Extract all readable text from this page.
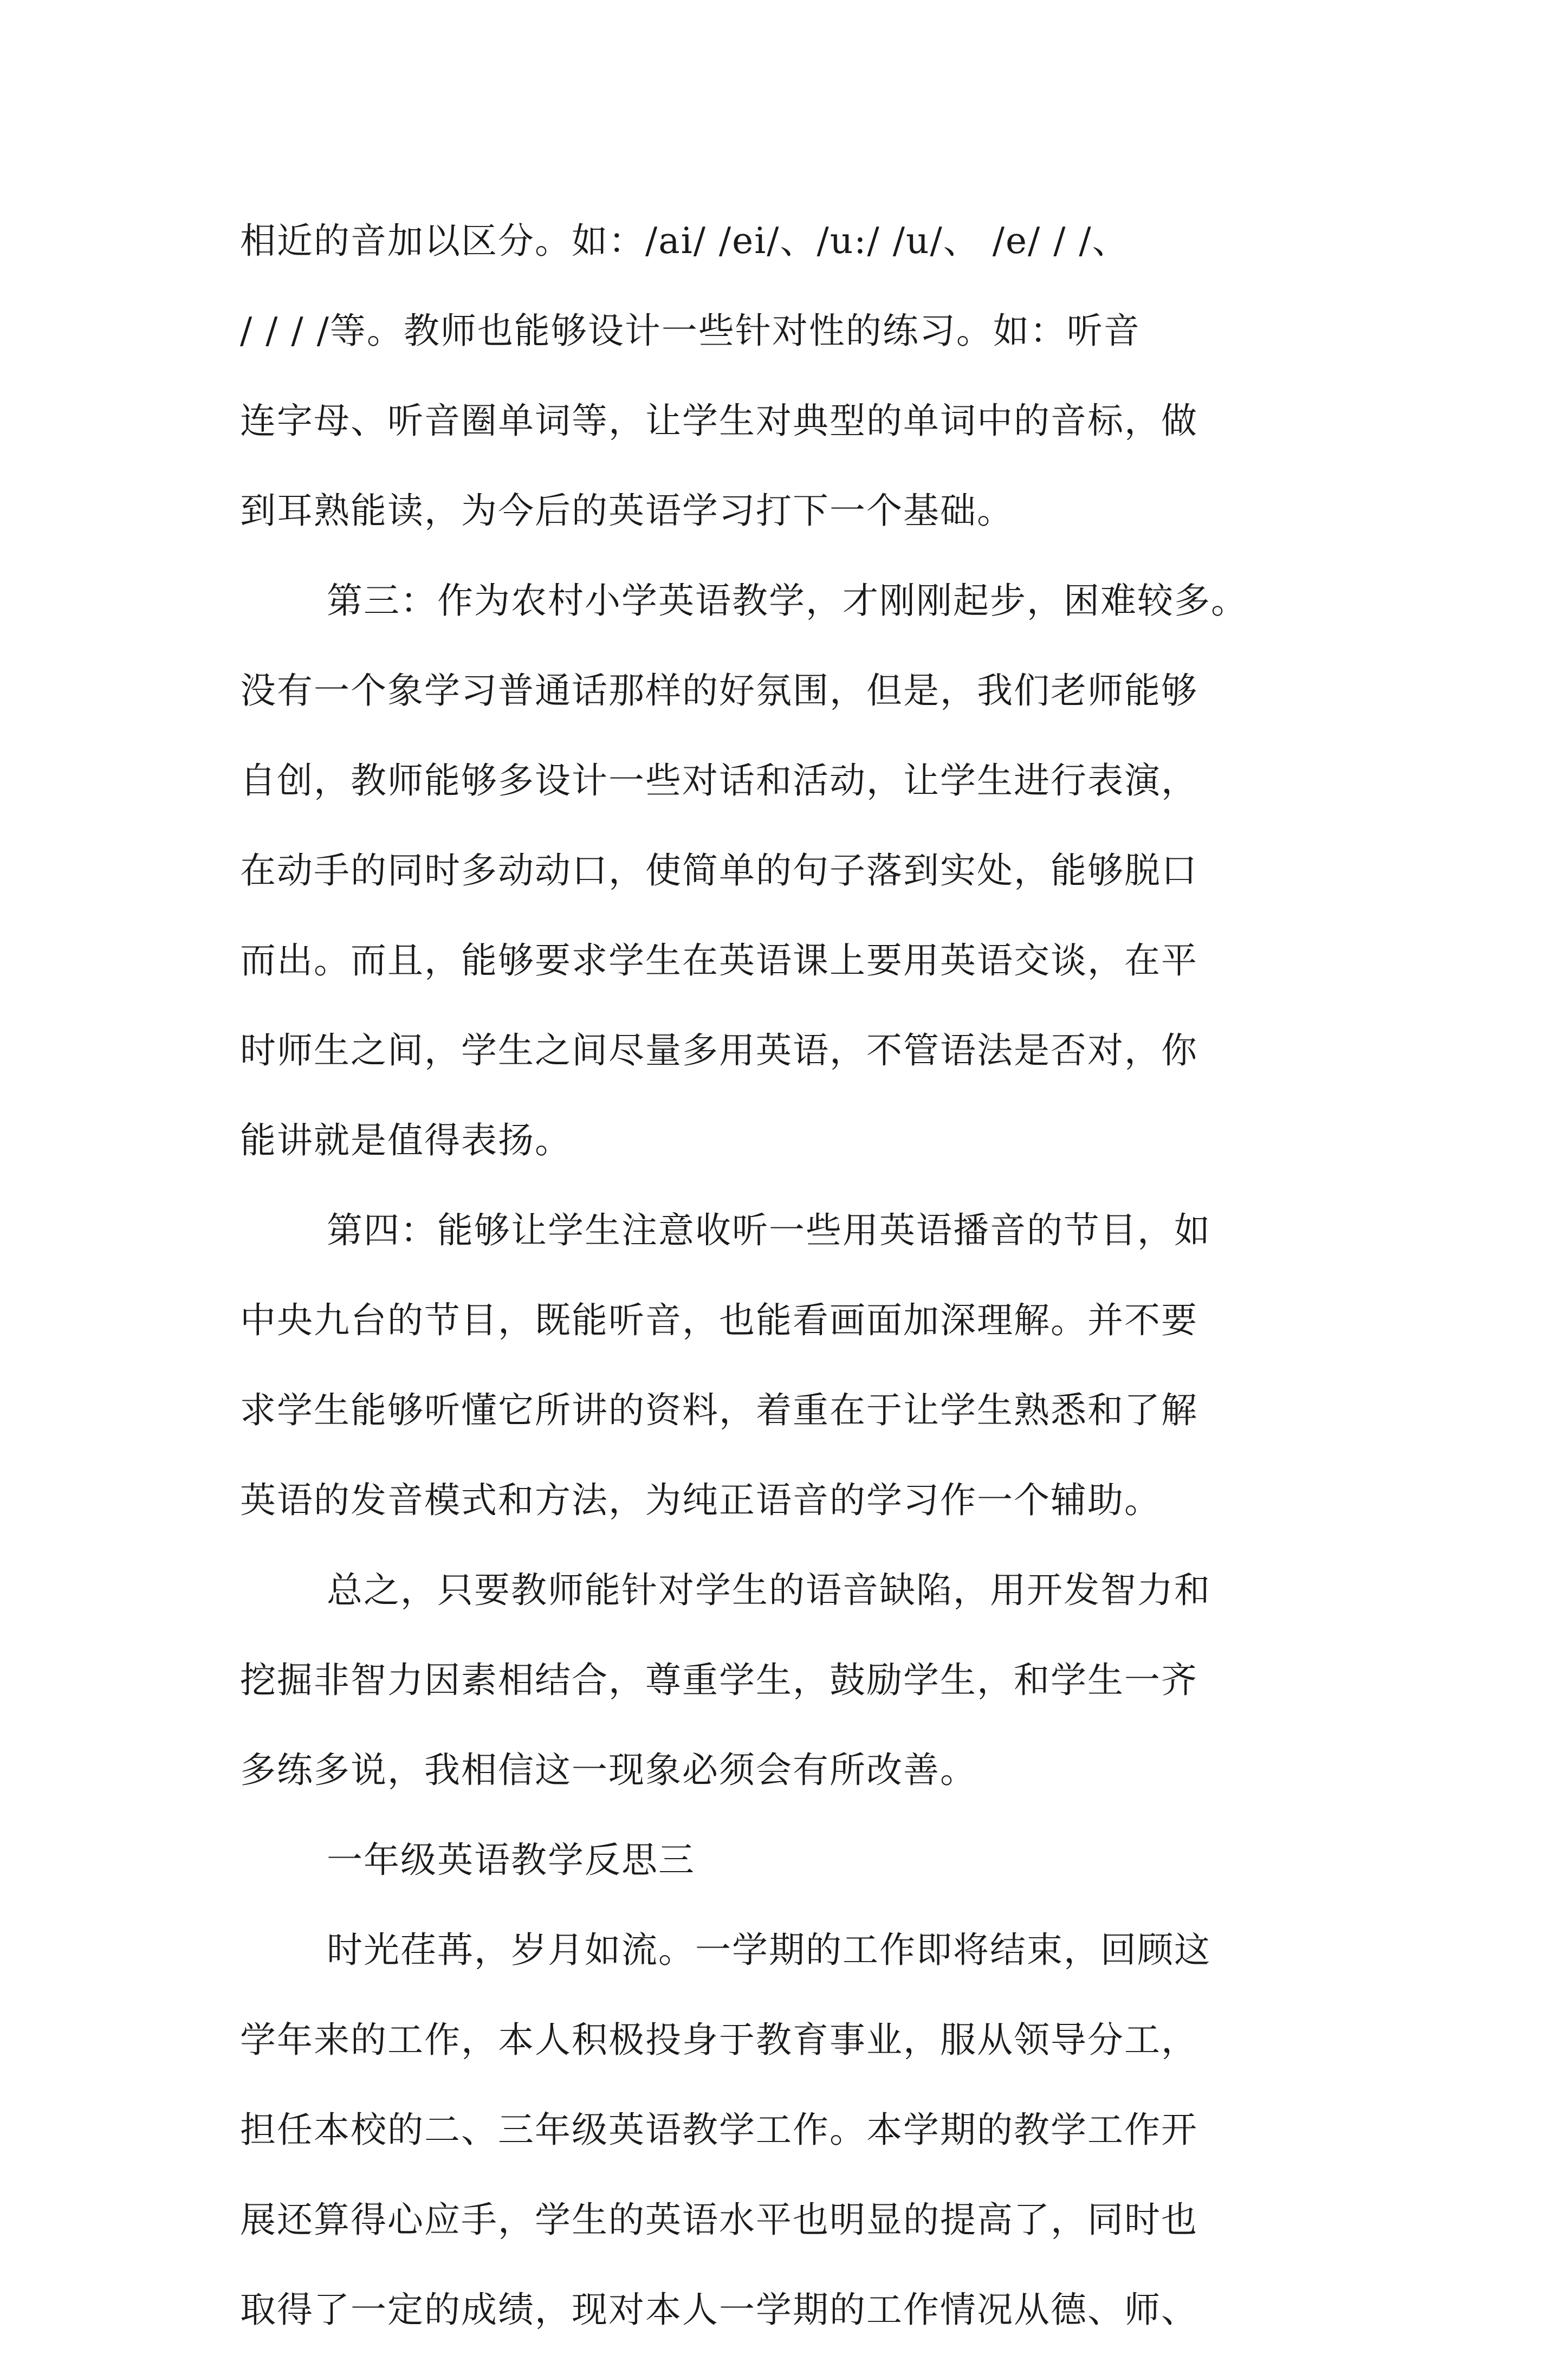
相近的音加以区分。如：/ai/ /ei/、/u:/ /u/、 /e/ / /、
/ / / /等。教师也能够设计一些针对性的练习。如：听音
连字母、听音圈单词等，让学生对典型的单词中的音标，做
到耳熟能读，为今后的英语学习打下一个基础。
第三：作为农村小学英语教学，才刚刚起步，困难较多。
没有一个象学习普通话那样的好氛围，但是，我们老师能够
自创，教师能够多设计一些对话和活动，让学生进行表演，
在动手的同时多动动口，使简单的句子落到实处，能够脱口
而出。而且，能够要求学生在英语课上要用英语交谈，在平
时师生之间，学生之间尽量多用英语，不管语法是否对，你
能讲就是值得表扬。
第四：能够让学生注意收听一些用英语播音的节目，如
中央九台的节目，既能听音，也能看画面加深理解。并不要
求学生能够听懂它所讲的资料，着重在于让学生熟悉和了解
英语的发音模式和方法，为纯正语音的学习作一个辅助。
总之，只要教师能针对学生的语音缺陷，用开发智力和
挖掘非智力因素相结合，尊重学生，鼓励学生，和学生一齐
多练多说，我相信这一现象必须会有所改善。
一年级英语教学反思三
时光荏苒，岁月如流。一学期的工作即将结束，回顾这
学年来的工作，本人积极投身于教育事业，服从领导分工，
担任本校的二、三年级英语教学工作。本学期的教学工作开
展还算得心应手，学生的英语水平也明显的提高了，同时也
取得了一定的成绩，现对本人一学期的工作情况从德、师、
